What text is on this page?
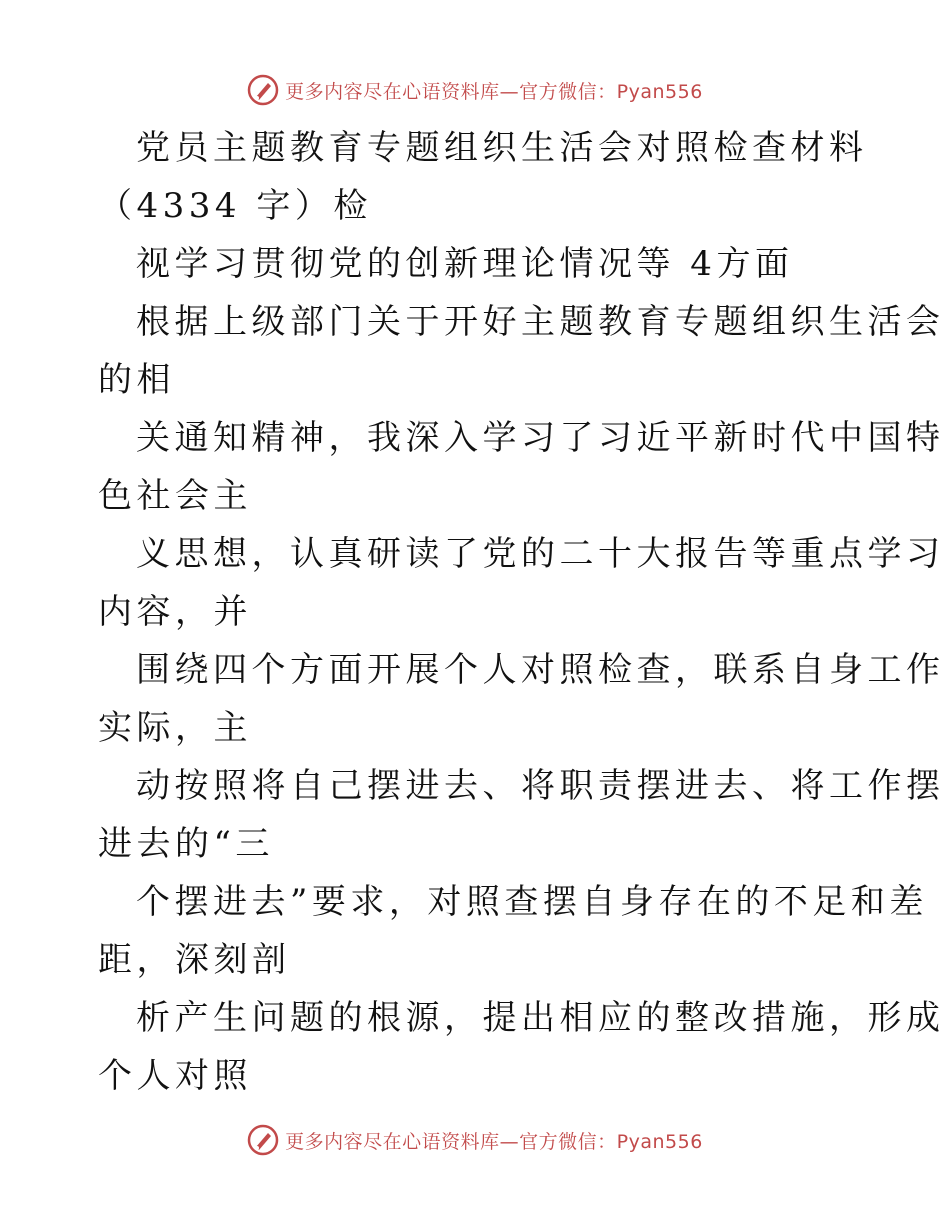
更多内容尽在心语资料库—官方微信：Pyan556
党员主题教育专题组织生活会对照检查材料
（4334 字）检
视学习贯彻党的创新理论情况等 4方面
根据上级部门关于开好主题教育专题组织生活会
的相
关通知精神，我深入学习了习近平新时代中国特
色社会主
义思想，认真研读了党的二十大报告等重点学习
内容，并
围绕四个方面开展个人对照检查，联系自身工作
实际，主
动按照将自己摆进去、将职责摆进去、将工作摆
进去的“三
个摆进去”要求，对照查摆自身存在的不足和差
距，深刻剖
析产生问题的根源，提出相应的整改措施，形成
个人对照
更多内容尽在心语资料库—官方微信：Pyan556
